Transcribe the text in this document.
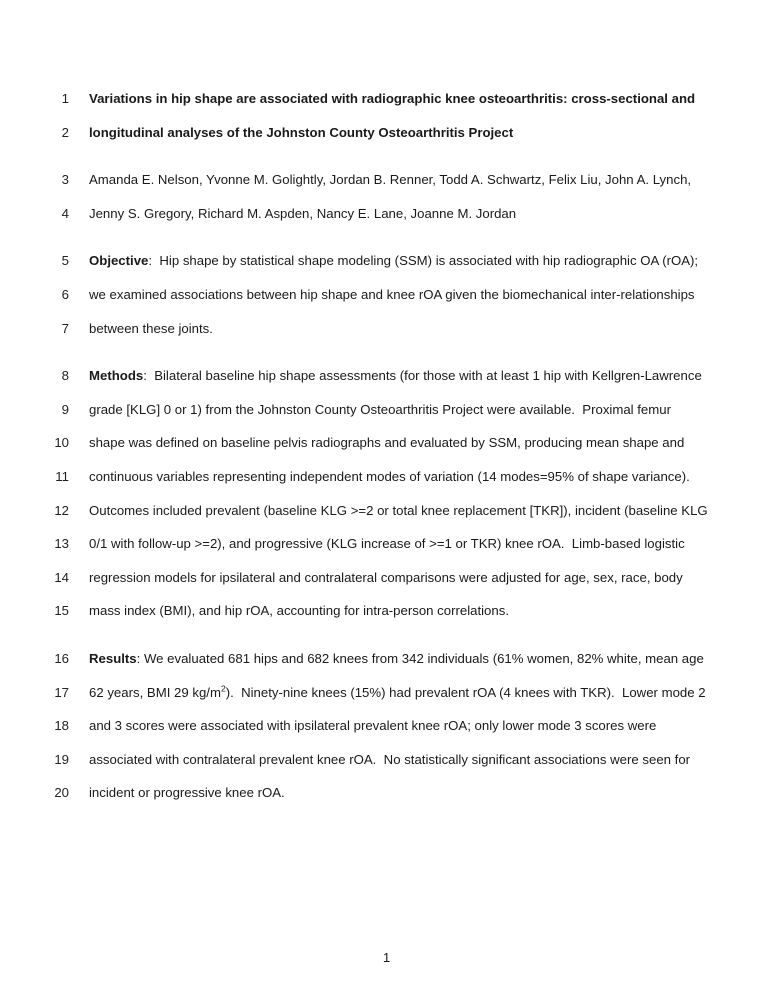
1 Variations in hip shape are associated with radiographic knee osteoarthritis: cross-sectional and
2 longitudinal analyses of the Johnston County Osteoarthritis Project
3 Amanda E. Nelson, Yvonne M. Golightly, Jordan B. Renner, Todd A. Schwartz, Felix Liu, John A. Lynch,
4 Jenny S. Gregory, Richard M. Aspden, Nancy E. Lane, Joanne M. Jordan
5 Objective:  Hip shape by statistical shape modeling (SSM) is associated with hip radiographic OA (rOA);
6 we examined associations between hip shape and knee rOA given the biomechanical inter-relationships
7 between these joints.
8 Methods:  Bilateral baseline hip shape assessments (for those with at least 1 hip with Kellgren-Lawrence
9 grade [KLG] 0 or 1) from the Johnston County Osteoarthritis Project were available.  Proximal femur
10 shape was defined on baseline pelvis radiographs and evaluated by SSM, producing mean shape and
11 continuous variables representing independent modes of variation (14 modes=95% of shape variance).
12 Outcomes included prevalent (baseline KLG >=2 or total knee replacement [TKR]), incident (baseline KLG
13 0/1 with follow-up >=2), and progressive (KLG increase of >=1 or TKR) knee rOA.  Limb-based logistic
14 regression models for ipsilateral and contralateral comparisons were adjusted for age, sex, race, body
15 mass index (BMI), and hip rOA, accounting for intra-person correlations.
16 Results: We evaluated 681 hips and 682 knees from 342 individuals (61% women, 82% white, mean age
17 62 years, BMI 29 $kg/m^2$).  Ninety-nine knees (15%) had prevalent rOA (4 knees with TKR).  Lower mode 2
18 and 3 scores were associated with ipsilateral prevalent knee rOA; only lower mode 3 scores were
19 associated with contralateral prevalent knee rOA.  No statistically significant associations were seen for
20 incident or progressive knee rOA.
1
